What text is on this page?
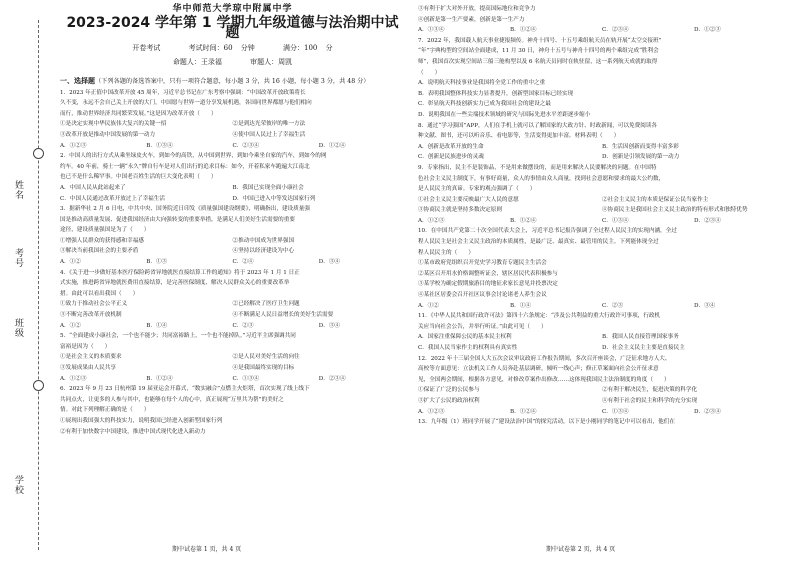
姓名
考号
班级
学校
华中师范大学琼中附属中学
2023-2024 学年第 1 学期九年级道德与法治期中试题
开卷考试	考试时间：60 分钟	满分：100 分
命题人：王录福	审题人：周凯
一、选择题（下列各题的备选答案中，只有一项符合题意，每小题 3 分，共 16 小题，每小题 3 分，共 48 分）
1．2023 年正值中国改革开放 45 周年，习近平总书记在广东考察中强调：“中国改革开放政策将长
久不变，永远不会自己关上开放的大门，中国愿与世界一道分享发展机遇，各国同世界都愿与他们相向
而行，推动世界经济共同繁荣发展。”这是因为改革开放（　　）
①是决定实现中华民族伟大复兴的关键一招	②是到达光荣彼岸的唯一方法
③改革开放是推动中国发展的第一动力	④使中国人民过上了幸福生活
A．①②③	B．①③④	C．②③④	D．①②④
2．中国人的出行方式从乘坐绿皮火车，到如今的高铁，从中国到世界，到如今乘坐自家的汽车，到如今的网
约车。40 年前，骑士一辆“永久”牌自行车是对人们出行的追求目标：如今，开着私家车跑遍大江南北
也已不是什么稀罕事。中国老百姓生活的巨大变化表明（　　）
A．中国人民从此站起来了	B．我国已实现全面小康社会
C．中国人民通过改革开放过上了幸福生活	D．中国已进入中等发达国家行列
3．据新华社 2 月 6 日电，中共中央、国务院近日印发《质量强国建设纲要》，明确指出，建设质量强
国是推动高质量发展、促进我国经济由大向强转变的重要举措，是满足人们美好生活需要的重要
途径，建设质量强国是为了（　　）
①增强人民群众的获得感和幸福感	②推动中国成为世界强国
③解决当前我国社会的主要矛盾	④坚持以经济建设为中心
A．①②	B．①③	C．②④	D．③④
4．《关于进一步做好基本医疗保险跨省异地就医直接结算工作的通知》将于 2023 年 1 月 1 日正
式实施，推进跨省异地就医费用直接结算，是完善医保制度、解决人民群众关心的重要改革举
措。由此可以看出我国（　　）
①致力于推动社会公平正义	②已经解决了医疗卫生问题
③不断完善改革开放机制	④不断满足人民日益增长的美好生活需要
A．①②	B．①④	C．②③	D．③④
5．“全面建成小康社会，一个也不能少；共同富裕路上，一个也不能掉队。”习近平主席强调共同
富裕是因为（　　）
①是社会主义的本质要求	②是人民对美好生活的向往
③发展成果由人民共享	④是我国最终实现的目标
A．①②③	B．①②④	C．①③④	D．②③④
6．2023 年 9 月 23 日杭州第 19 届亚运会开幕式，“数实融合”点燃主火炬塔，首次实现了线上线下
共同点火，让更多的人参与其中，也能够在每个人的心中，真正展现“万里共为帮”的美好之
情。对此下列理解正确的是（　　）
①展现出我国强大的科技实力，说明我国已经进入创新型国家行列
②有利于加快数字中国建设，推进中国式现代化进入新动力
③有利于扩大对外开放，提高国际地位和竞争力
④创新是第一生产要素，创新是第一生产力
A．①③④	B．①②④	C．②③④	D．①②③
7．2022 年，我国载人航天事业捷报频传。神舟十四号、十五号乘组航天员在轨开展“太空交接班”
“年”字典构型的空间站全面建成，11 月 30 日，神舟十五号与神舟十四号的两个乘组完成“胜利会
师”，我国首次实现空间站三船三舱构型以及 6 名航天员同时在轨驻留，这一系列航天成就的取得
（　　）
A．说明航天科技事业是我国将全党工作的重中之重
B．表明我国整体科技实力显著提升，创新型国家目标已经实现
C．彰显航天科技创新实力已成为我国社会的建设之最
D．说明我国在一些尖端技术领域的研究与国际先进水平差距逐步缩小
8．通过“学习强国”APP，人们在手机上就可以了解国家的大政方针、时政新闻，可以免费阅读各
种文献、图书，还可以听音乐、看电影等，生活变得更加丰富。材料表明（　　）
A．创新是改革开放的生命	B．生活因创新而变得丰富多彩
C．创新是民族进步的灵魂	D．创新是引领发展的第一动力
9．专家指出，民主不是装饰品，不是用来做摆设的，而是用来解决人民要解决的问题。在中国特
色社会主义民主制度下，有事好商量，众人的事情由众人商量，找到社会意愿和要求的最大公约数，
是人民民主的真谛。专家的观点强调了（　　）
①社会主义民主要反映最广大人民的意愿	②社会主义民主的本质是保证公民当家作主
③协商民主就是坚持多数决定原则	④协商民主是我国社会主义民主政治的特有形式和独特优势
A．①②③	B．①②④	C．①③④	D．②③④
10．在中国共产党第二十次全国代表大会上，习近平总书记报告强调了全过程人民民主的实现内涵，全过
程人民民主是社会主义民主政治的本质属性，是最广泛、最真实、最管用的民主。下列能体现全过
程人民民主的（　　）
①某市政府党组织召开党史学习教育专题民主生活会
②某区召开用水价格调整听证会，辖区居民代表积极参与
③某学校为确定假期旅游目的地征求家长意见并投票决定
④某社区居委会召开社区议事会讨论诸老人养生会议
A．①②	B．①④	C．②③	D．③④
11．《中华人民共和国行政许可法》第四十六条规定：“涉及公共利益的重大行政许可事项，行政机
关应当向社会公告，并举行听证。”由此可见（　　）
A．国家注重保障公民的基本民主权利	B．我国人民直接管理国家事务
C．我国人民当家作主的权利具有真实性	D．社会主义民主主要是直接民主
12．2022 年十三届全国人大五次会议审议政府工作报告期间，多次召开座谈会，广泛征求地方人大、
高校等方面意见：立法机关工作人员奔赴基层调研，倾听一线心声；修正草案面向社会公开征求意
见，全国两会期间，根据各方意见，对修改草案作出修改……这体现我国民主法治制度的角度（　　）
①保证了广泛的公民参与	②有利于解决民生，促进决策的科学化
③扩大了公民的政治权利	④有利于社会的民主和科学的充分实现
A．①②③	B．①②④	C．①③④	D．②③④
13．九年级（1）班同学开展了“建设法治中国”的探究活动，以下是小刚同学的笔记中可以看出，他们在
期中试卷第 1 页，共 4 页	期中试卷第 2 页，共 4 页
